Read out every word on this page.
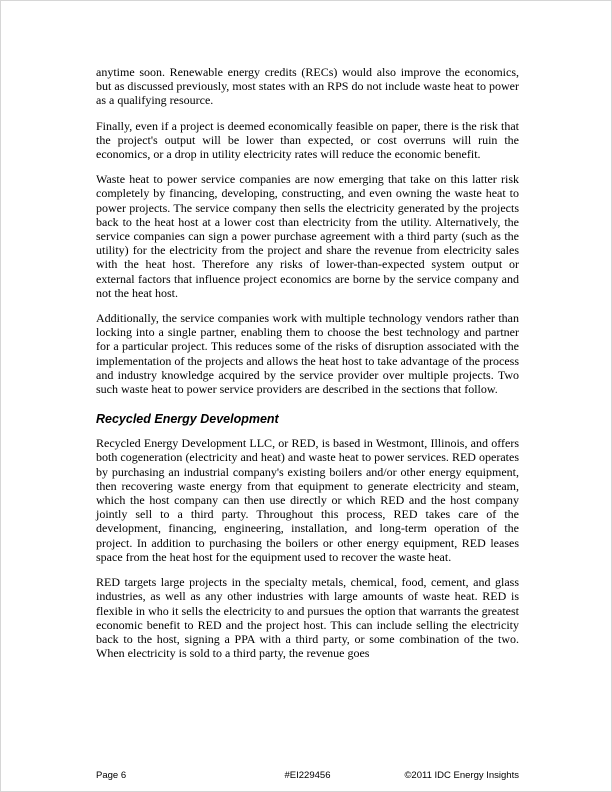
anytime soon. Renewable energy credits (RECs) would also improve the economics, but as discussed previously, most states with an RPS do not include waste heat to power as a qualifying resource.

Finally, even if a project is deemed economically feasible on paper, there is the risk that the project's output will be lower than expected, or cost overruns will ruin the economics, or a drop in utility electricity rates will reduce the economic benefit.

Waste heat to power service companies are now emerging that take on this latter risk completely by financing, developing, constructing, and even owning the waste heat to power projects. The service company then sells the electricity generated by the projects back to the heat host at a lower cost than electricity from the utility. Alternatively, the service companies can sign a power purchase agreement with a third party (such as the utility) for the electricity from the project and share the revenue from electricity sales with the heat host. Therefore any risks of lower-than-expected system output or external factors that influence project economics are borne by the service company and not the heat host.

Additionally, the service companies work with multiple technology vendors rather than locking into a single partner, enabling them to choose the best technology and partner for a particular project. This reduces some of the risks of disruption associated with the implementation of the projects and allows the heat host to take advantage of the process and industry knowledge acquired by the service provider over multiple projects. Two such waste heat to power service providers are described in the sections that follow.

Recycled Energy Development

Recycled Energy Development LLC, or RED, is based in Westmont, Illinois, and offers both cogeneration (electricity and heat) and waste heat to power services. RED operates by purchasing an industrial company's existing boilers and/or other energy equipment, then recovering waste energy from that equipment to generate electricity and steam, which the host company can then use directly or which RED and the host company jointly sell to a third party. Throughout this process, RED takes care of the development, financing, engineering, installation, and long-term operation of the project. In addition to purchasing the boilers or other energy equipment, RED leases space from the heat host for the equipment used to recover the waste heat.

RED targets large projects in the specialty metals, chemical, food, cement, and glass industries, as well as any other industries with large amounts of waste heat. RED is flexible in who it sells the electricity to and pursues the option that warrants the greatest economic benefit to RED and the project host. This can include selling the electricity back to the host, signing a PPA with a third party, or some combination of the two. When electricity is sold to a third party, the revenue goes

Page 6	#EI229456	©2011 IDC Energy Insights
